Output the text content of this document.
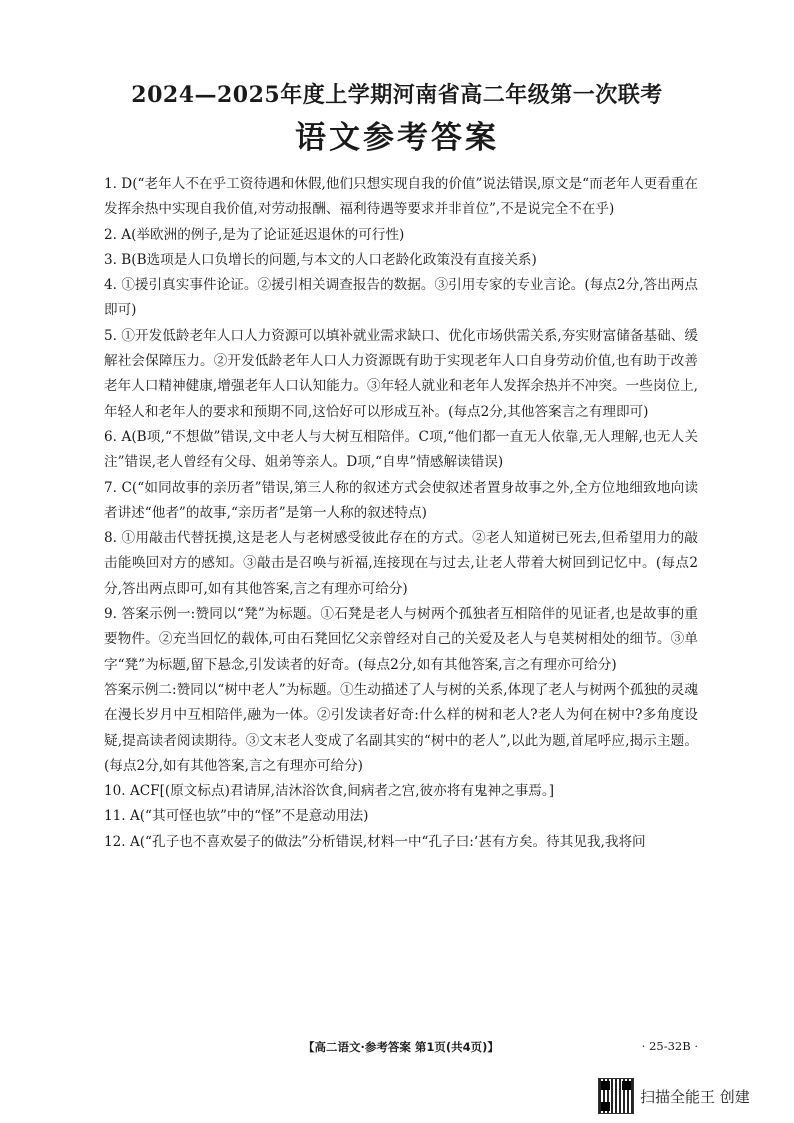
2024—2025年度上学期河南省高二年级第一次联考
语文参考答案

1. D(“老年人不在乎工资待遇和休假,他们只想实现自我的价值”说法错误,原文是“而老年人更看重在发挥余热中实现自我价值,对劳动报酬、福利待遇等要求并非首位”,不是说完全不在乎)

2. A(举欧洲的例子,是为了论证延迟退休的可行性)

3. B(B选项是人口负增长的问题,与本文的人口老龄化政策没有直接关系)

4. ①援引真实事件论证。②援引相关调查报告的数据。③引用专家的专业言论。(每点2分,答出两点即可)

5. ①开发低龄老年人口人力资源可以填补就业需求缺口、优化市场供需关系,夯实财富储备基础、缓解社会保障压力。②开发低龄老年人口人力资源既有助于实现老年人口自身劳动价值,也有助于改善老年人口精神健康,增强老年人口认知能力。③年轻人就业和老年人发挥余热并不冲突。一些岗位上,年轻人和老年人的要求和预期不同,这恰好可以形成互补。(每点2分,其他答案言之有理即可)

6. A(B项,“不想做”错误,文中老人与大树互相陪伴。C项,“他们都一直无人依靠,无人理解,也无人关注”错误,老人曾经有父母、姐弟等亲人。D项,“自卑”情感解读错误)

7. C(“如同故事的亲历者”错误,第三人称的叙述方式会使叙述者置身故事之外,全方位地细致地向读者讲述“他者”的故事,“亲历者”是第一人称的叙述特点)

8. ①用敲击代替抚摸,这是老人与老树感受彼此存在的方式。②老人知道树已死去,但希望用力的敲击能唤回对方的感知。③敲击是召唤与祈福,连接现在与过去,让老人带着大树回到记忆中。(每点2分,答出两点即可,如有其他答案,言之有理亦可给分)

9. 答案示例一:赞同以“凳”为标题。①石凳是老人与树两个孤独者互相陪伴的见证者,也是故事的重要物件。②充当回忆的载体,可由石凳回忆父亲曾经对自己的关爱及老人与皂荚树相处的细节。③单字“凳”为标题,留下悬念,引发读者的好奇。(每点2分,如有其他答案,言之有理亦可给分)

答案示例二:赞同以“树中老人”为标题。①生动描述了人与树的关系,体现了老人与树两个孤独的灵魂在漫长岁月中互相陪伴,融为一体。②引发读者好奇:什么样的树和老人?老人为何在树中?多角度设疑,提高读者阅读期待。③文末老人变成了名副其实的“树中的老人”,以此为题,首尾呼应,揭示主题。(每点2分,如有其他答案,言之有理亦可给分)

10. ACF[(原文标点)君请屏,洁沐浴饮食,间病者之宫,彼亦将有鬼神之事焉。]

11. A(“其可怪也欤”中的“怪”不是意动用法)

12. A(“孔子也不喜欢晏子的做法”分析错误,材料一中“孔子曰:‘甚有方矣。待其见我,我将问

【高二语文·参考答案 第1页(共4页)】	· 25-32B ·
扫描全能王 创建
